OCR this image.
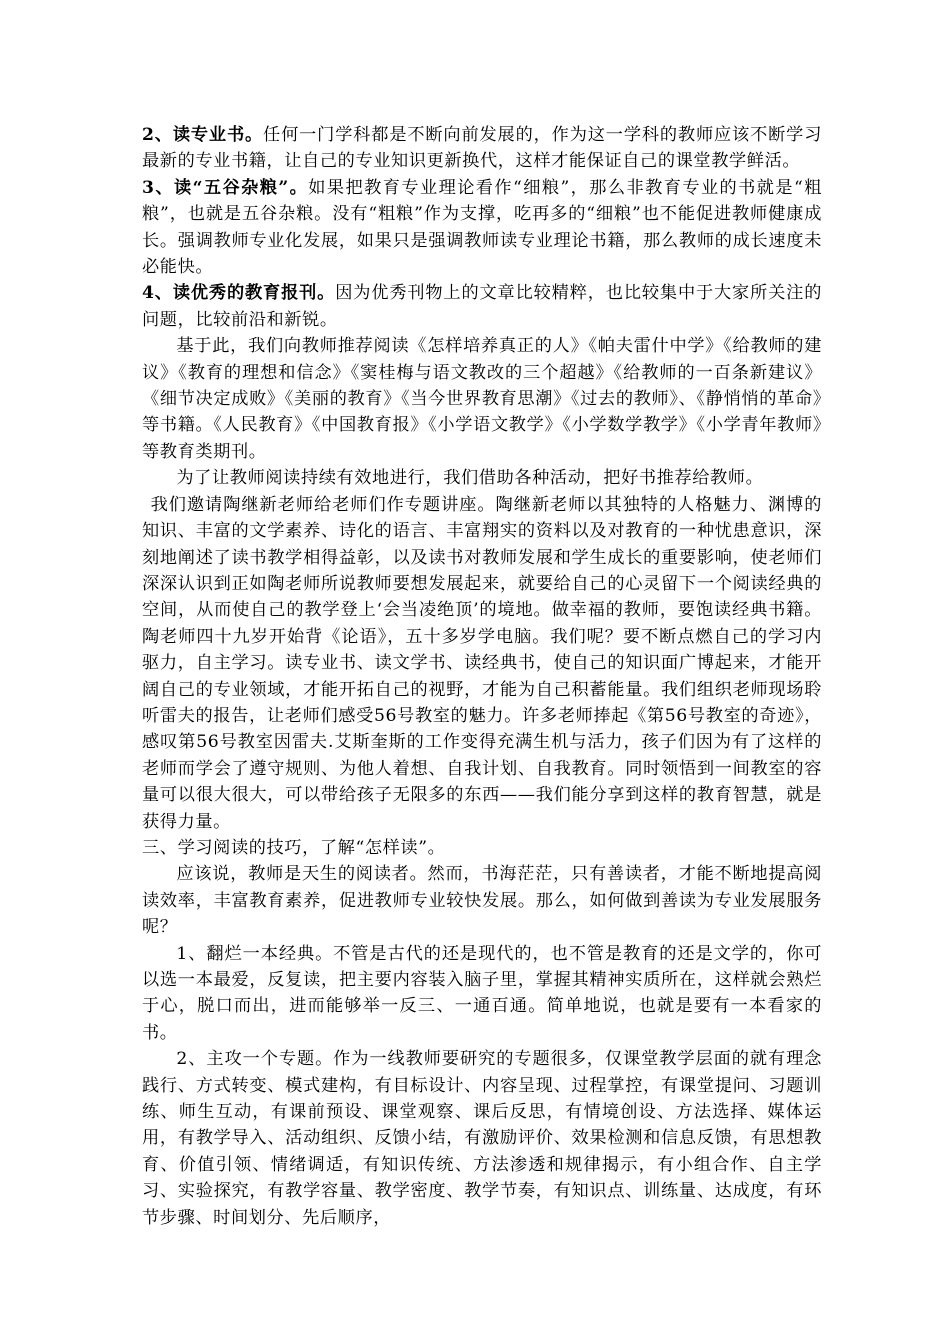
2、读专业书。任何一门学科都是不断向前发展的，作为这一学科的教师应该不断学习最新的专业书籍，让自己的专业知识更新换代，这样才能保证自己的课堂教学鲜活。

3、读“五谷杂粮”。如果把教育专业理论看作“细粮”，那么非教育专业的书就是“粗粮”，也就是五谷杂粮。没有“粗粮”作为支撑，吃再多的“细粮”也不能促进教师健康成长。强调教师专业化发展，如果只是强调教师读专业理论书籍，那么教师的成长速度未必能快。

4、读优秀的教育报刊。因为优秀刊物上的文章比较精粹，也比较集中于大家所关注的问题，比较前沿和新锐。

基于此，我们向教师推荐阅读《怎样培养真正的人》《帕夫雷什中学》《给教师的建议》《教育的理想和信念》《窦桂梅与语文教改的三个超越》《给教师的一百条新建议》《细节决定成败》《美丽的教育》《当今世界教育思潮》《过去的教师》、《静悄悄的革命》等书籍。《人民教育》《中国教育报》《小学语文教学》《小学数学教学》《小学青年教师》等教育类期刊。

为了让教师阅读持续有效地进行，我们借助各种活动，把好书推荐给教师。

我们邀请陶继新老师给老师们作专题讲座。陶继新老师以其独特的人格魅力、渊博的知识、丰富的文学素养、诗化的语言、丰富翔实的资料以及对教育的一种忧患意识，深刻地阐述了读书教学相得益彰，以及读书对教师发展和学生成长的重要影响，使老师们深深认识到正如陶老师所说教师要想发展起来，就要给自己的心灵留下一个阅读经典的空间，从而使自己的教学登上‘会当凌绝顶’的境地。做幸福的教师，要饱读经典书籍。 陶老师四十九岁开始背《论语》，五十多岁学电脑。我们呢？要不断点燃自己的学习内驱力，自主学习。读专业书、读文学书、读经典书，使自己的知识面广博起来，才能开阔自己的专业领域，才能开拓自己的视野，才能为自己积蓄能量。我们组织老师现场聆听雷夫的报告，让老师们感受56号教室的魅力。许多老师捧起《第56号教室的奇迹》，感叹第56号教室因雷夫.艾斯奎斯的工作变得充满生机与活力，孩子们因为有了这样的老师而学会了遵守规则、为他人着想、自我计划、自我教育。同时领悟到一间教室的容量可以很大很大，可以带给孩子无限多的东西——我们能分享到这样的教育智慧，就是获得力量。

三、学习阅读的技巧，了解“怎样读”。

应该说，教师是天生的阅读者。然而，书海茫茫，只有善读者，才能不断地提高阅读效率，丰富教育素养，促进教师专业较快发展。那么，如何做到善读为专业发展服务呢？

1、翻烂一本经典。不管是古代的还是现代的，也不管是教育的还是文学的，你可以选一本最爱，反复读，把主要内容装入脑子里，掌握其精神实质所在，这样就会熟烂于心，脱口而出，进而能够举一反三、一通百通。简单地说，也就是要有一本看家的书。

2、主攻一个专题。作为一线教师要研究的专题很多，仅课堂教学层面的就有理念践行、方式转变、模式建构，有目标设计、内容呈现、过程掌控，有课堂提问、习题训练、师生互动，有课前预设、课堂观察、课后反思，有情境创设、方法选择、媒体运用，有教学导入、活动组织、反馈小结，有激励评价、效果检测和信息反馈，有思想教育、价值引领、情绪调适，有知识传统、方法渗透和规律揭示，有小组合作、自主学习、实验探究，有教学容量、教学密度、教学节奏，有知识点、训练量、达成度，有环节步骤、时间划分、先后顺序，
